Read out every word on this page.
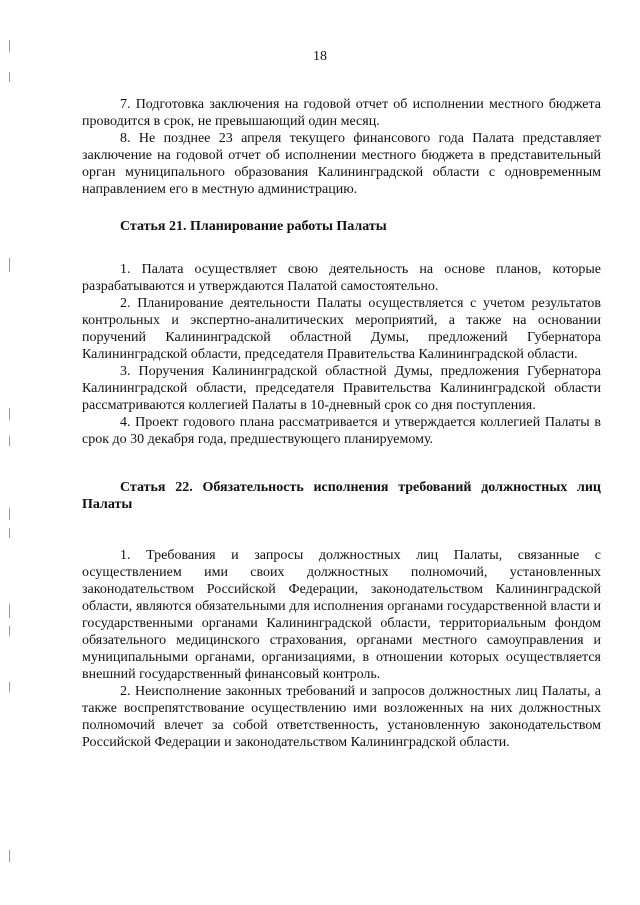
18

7. Подготовка заключения на годовой отчет об исполнении местного бюджета проводится в срок, не превышающий один месяц.

8. Не позднее 23 апреля текущего финансового года Палата представляет заключение на годовой отчет об исполнении местного бюджета в представительный орган муниципального образования Калининградской области с одновременным направлением его в местную администрацию.

Статья 21. Планирование работы Палаты

1. Палата осуществляет свою деятельность на основе планов, которые разрабатываются и утверждаются Палатой самостоятельно.

2. Планирование деятельности Палаты осуществляется с учетом результатов контрольных и экспертно-аналитических мероприятий, а также на основании поручений Калининградской областной Думы, предложений Губернатора Калининградской области, председателя Правительства Калининградской области.

3. Поручения Калининградской областной Думы, предложения Губернатора Калининградской области, председателя Правительства Калининградской области рассматриваются коллегией Палаты в 10-дневный срок со дня поступления.

4. Проект годового плана рассматривается и утверждается коллегией Палаты в срок до 30 декабря года, предшествующего планируемому.

Статья 22. Обязательность исполнения требований должностных лиц Палаты

1. Требования и запросы должностных лиц Палаты, связанные с осуществлением ими своих должностных полномочий, установленных законодательством Российской Федерации, законодательством Калининградской области, являются обязательными для исполнения органами государственной власти и государственными органами Калининградской области, территориальным фондом обязательного медицинского страхования, органами местного самоуправления и муниципальными органами, организациями, в отношении которых осуществляется внешний государственный финансовый контроль.

2. Неисполнение законных требований и запросов должностных лиц Палаты, а также воспрепятствование осуществлению ими возложенных на них должностных полномочий влечет за собой ответственность, установленную законодательством Российской Федерации и законодательством Калининградской области.
